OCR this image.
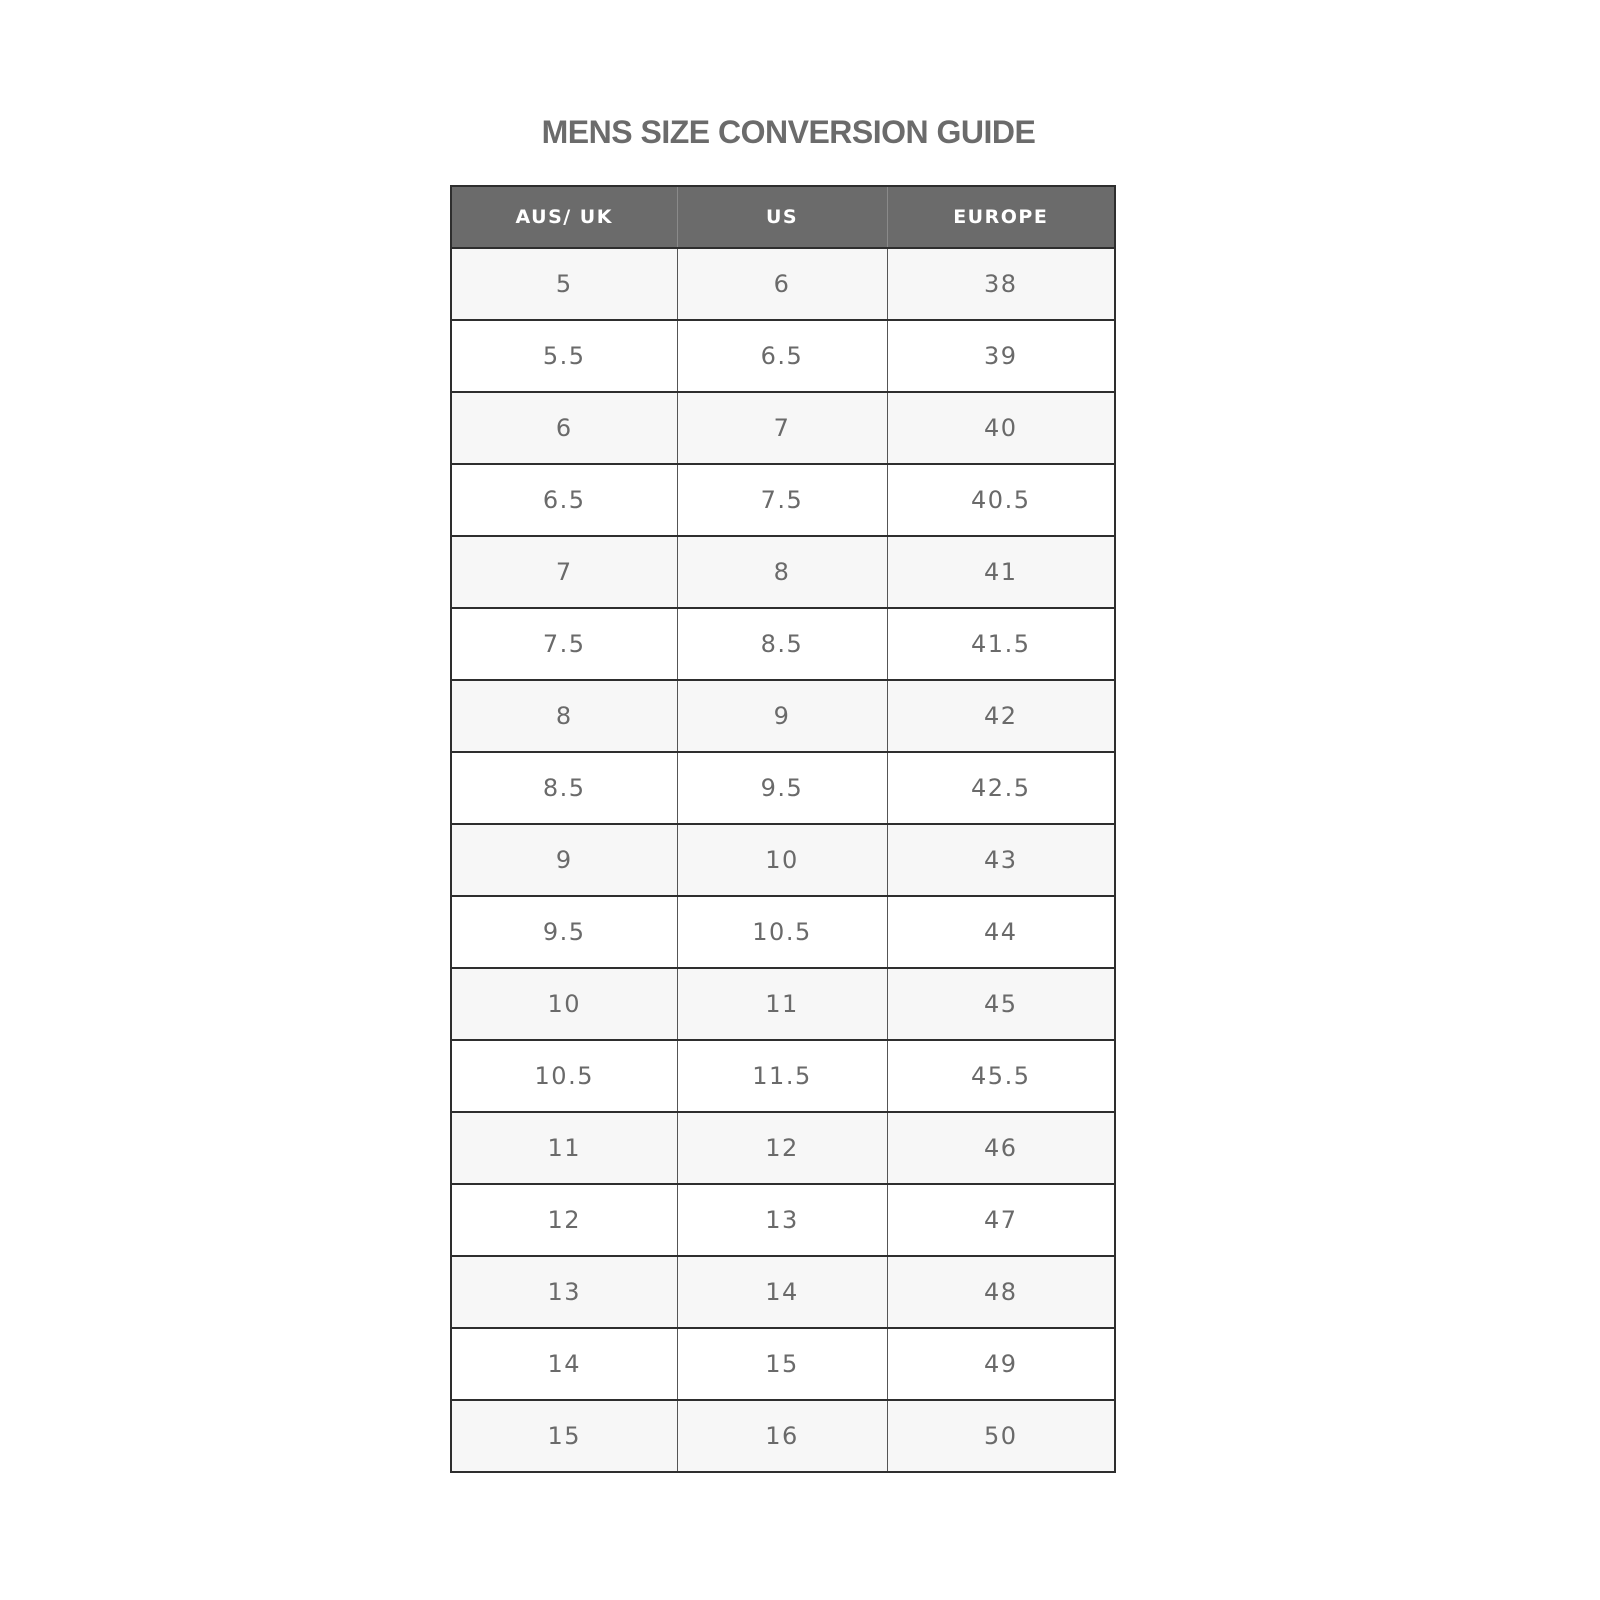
MENS SIZE CONVERSION GUIDE
AUS/ UK	US	EUROPE
5	6	38
5.5	6.5	39
6	7	40
6.5	7.5	40.5
7	8	41
7.5	8.5	41.5
8	9	42
8.5	9.5	42.5
9	10	43
9.5	10.5	44
10	11	45
10.5	11.5	45.5
11	12	46
12	13	47
13	14	48
14	15	49
15	16	50
